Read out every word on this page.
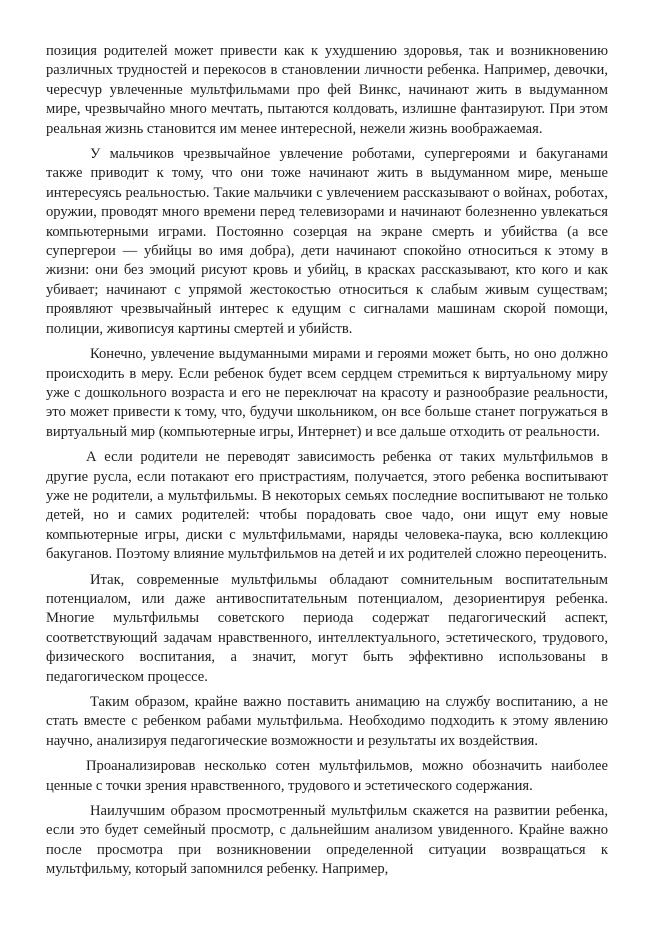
позиция родителей может привести как к ухудшению здоровья, так и возникновению различных трудностей и перекосов в становлении личности ребенка. Например, девочки, чересчур увлеченные мультфильмами про фей Винкс, начинают жить в выдуманном мире, чрезвычайно много мечтать, пытаются колдовать, излишне фантазируют. При этом реальная жизнь становится им менее интересной, нежели жизнь воображаемая.

У мальчиков чрезвычайное увлечение роботами, супергероями и бакуганами также приводит к тому, что они тоже начинают жить в выдуманном мире, меньше интересуясь реальностью. Такие мальчики с увлечением рассказывают о войнах, роботах, оружии, проводят много времени перед телевизорами и начинают болезненно увлекаться компьютерными играми. Постоянно созерцая на экране смерть и убийства (а все супергерои — убийцы во имя добра), дети начинают спокойно относиться к этому в жизни: они без эмоций рисуют кровь и убийц, в красках рассказывают, кто кого и как убивает; начинают с упрямой жестокостью относиться к слабым живым существам; проявляют чрезвычайный интерес к едущим с сигналами машинам скорой помощи, полиции, живописуя картины смертей и убийств.

Конечно, увлечение выдуманными мирами и героями может быть, но оно должно происходить в меру. Если ребенок будет всем сердцем стремиться к виртуальному миру уже с дошкольного возраста и его не переключат на красоту и разнообразие реальности, это может привести к тому, что, будучи школьником, он все больше станет погружаться в виртуальный мир (компьютерные игры, Интернет) и все дальше отходить от реальности.

А если родители не переводят зависимость ребенка от таких мультфильмов в другие русла, если потакают его пристрастиям, получается, этого ребенка воспитывают уже не родители, а мультфильмы. В некоторых семьях последние воспитывают не только детей, но и самих родителей: чтобы порадовать свое чадо, они ищут ему новые компьютерные игры, диски с мультфильмами, наряды человека-паука, всю коллекцию бакуганов. Поэтому влияние мультфильмов на детей и их родителей сложно переоценить.

Итак, современные мультфильмы обладают сомнительным воспитательным потенциалом, или даже антивоспитательным потенциалом, дезориентируя ребенка. Многие мультфильмы советского периода содержат педагогический аспект, соответствующий задачам нравственного, интеллектуального, эстетического, трудового, физического воспитания, а значит, могут быть эффективно использованы в педагогическом процессе.

Таким образом, крайне важно поставить анимацию на службу воспитанию, а не стать вместе с ребенком рабами мультфильма. Необходимо подходить к этому явлению научно, анализируя педагогические возможности и результаты их воздействия.

Проанализировав несколько сотен мультфильмов, можно обозначить наиболее ценные с точки зрения нравственного, трудового и эстетического содержания.

Наилучшим образом просмотренный мультфильм скажется на развитии ребенка, если это будет семейный просмотр, с дальнейшим анализом увиденного. Крайне важно после просмотра при возникновении определенной ситуации возвращаться к мультфильму, который запомнился ребенку. Например,
